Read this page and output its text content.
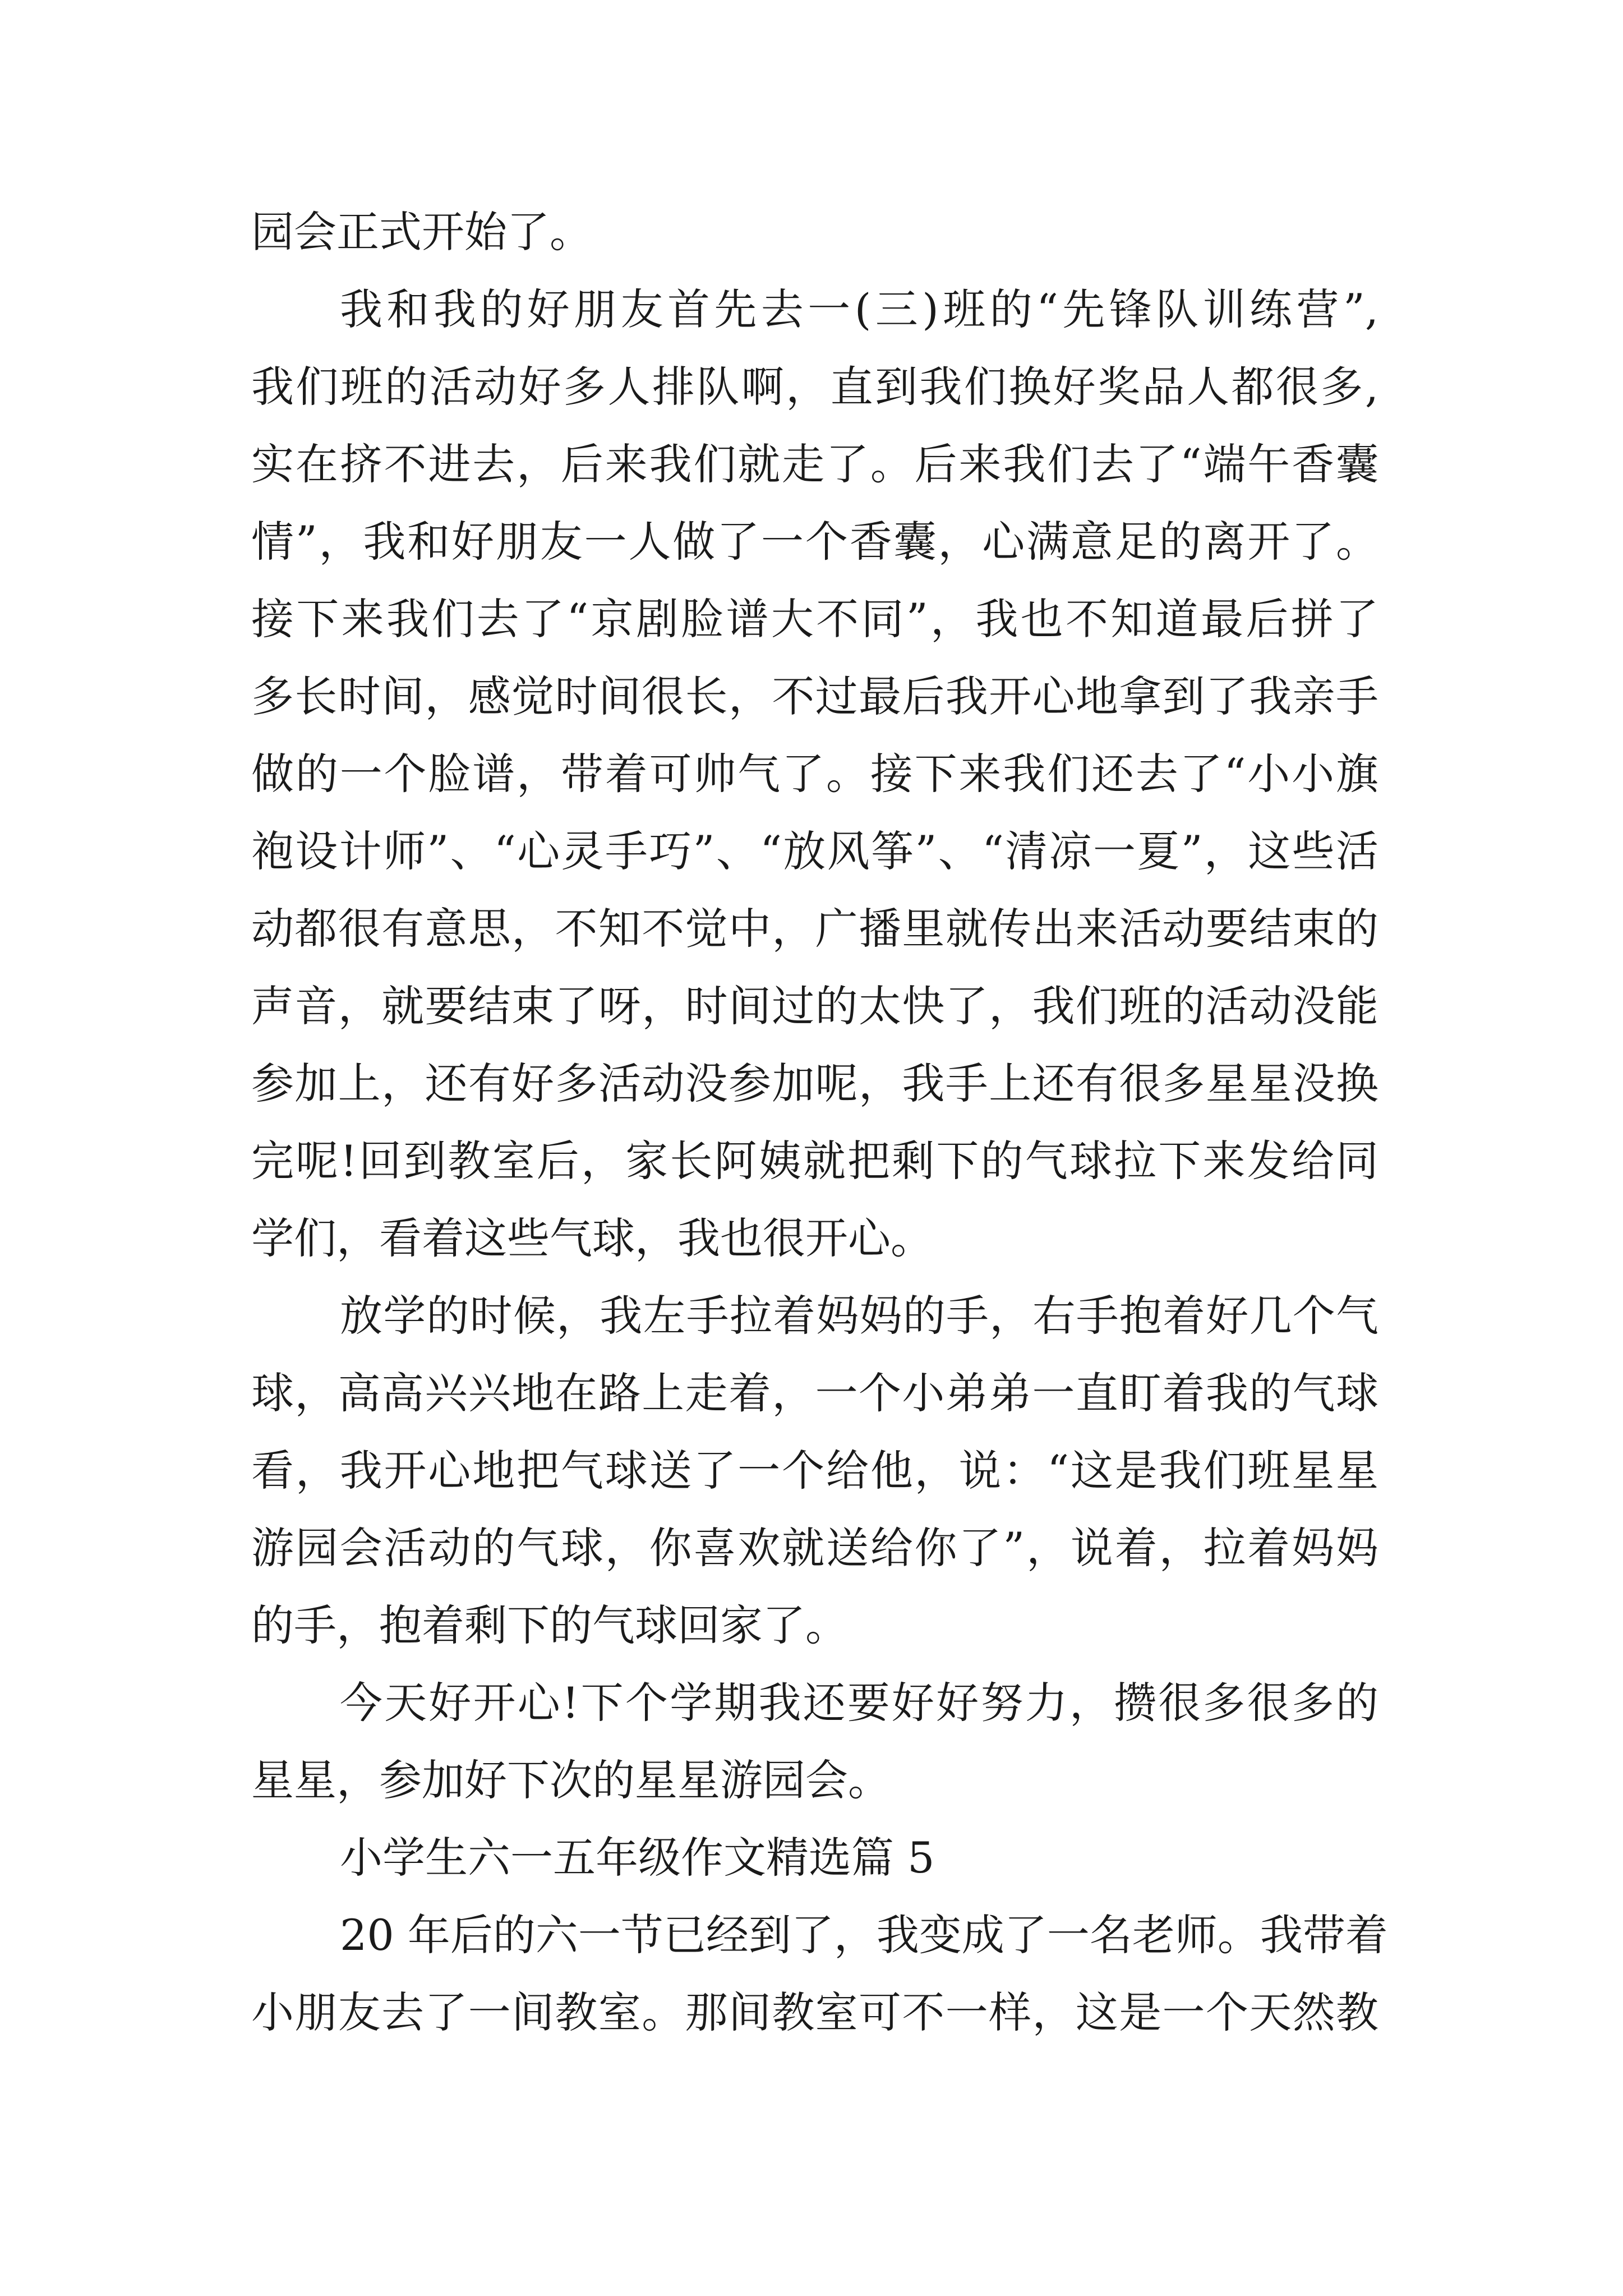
园会正式开始了。
我和我的好朋友首先去一(三)班的“先锋队训练营”,
我们班的活动好多人排队啊，直到我们换好奖品人都很多,
实在挤不进去，后来我们就走了。后来我们去了“端午香囊
情”，我和好朋友一人做了一个香囊，心满意足的离开了。
接下来我们去了“京剧脸谱大不同”，我也不知道最后拼了
多长时间，感觉时间很长，不过最后我开心地拿到了我亲手
做的一个脸谱，带着可帅气了。接下来我们还去了“小小旗
袍设计师”、“心灵手巧”、“放风筝”、“清凉一夏”，这些活
动都很有意思，不知不觉中，广播里就传出来活动要结束的
声音，就要结束了呀，时间过的太快了，我们班的活动没能
参加上，还有好多活动没参加呢，我手上还有很多星星没换
完呢!回到教室后，家长阿姨就把剩下的气球拉下来发给同
学们，看着这些气球，我也很开心。
放学的时候，我左手拉着妈妈的手，右手抱着好几个气
球，高高兴兴地在路上走着，一个小弟弟一直盯着我的气球
看，我开心地把气球送了一个给他，说：“这是我们班星星
游园会活动的气球，你喜欢就送给你了”，说着，拉着妈妈
的手，抱着剩下的气球回家了。
今天好开心!下个学期我还要好好努力，攒很多很多的
星星，参加好下次的星星游园会。
小学生六一五年级作文精选篇 5
20 年后的六一节已经到了，我变成了一名老师。我带着
小朋友去了一间教室。那间教室可不一样，这是一个天然教
